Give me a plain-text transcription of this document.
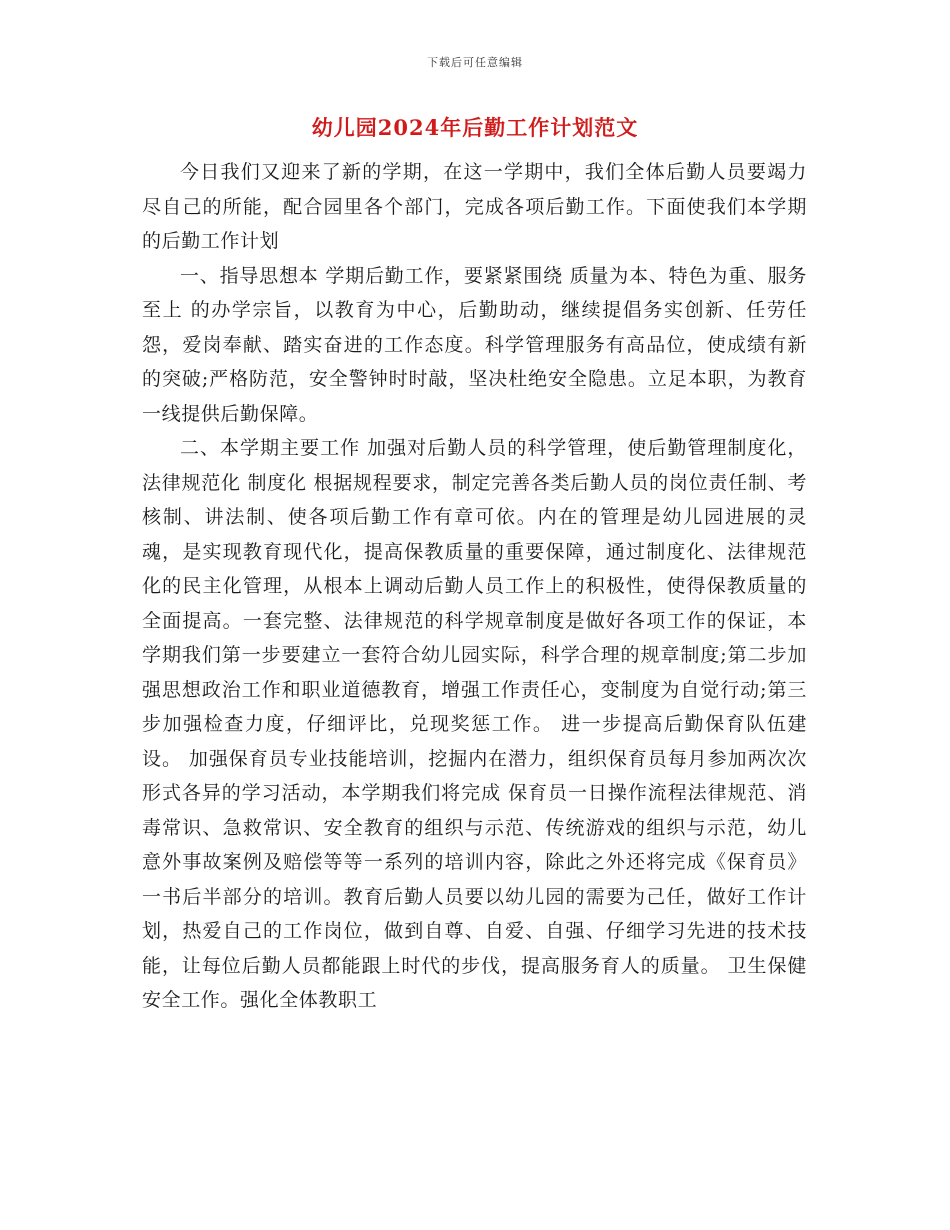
下载后可任意编辑
幼儿园2024年后勤工作计划范文

今日我们又迎来了新的学期，在这一学期中，我们全体后勤人员要竭力尽自己的所能，配合园里各个部门，完成各项后勤工作。下面使我们本学期的后勤工作计划

一、指导思想本 学期后勤工作，要紧紧围绕 质量为本、特色为重、服务至上 的办学宗旨，以教育为中心，后勤助动，继续提倡务实创新、任劳任怨，爱岗奉献、踏实奋进的工作态度。科学管理服务有高品位，使成绩有新的突破;严格防范，安全警钟时时敲，坚决杜绝安全隐患。立足本职，为教育一线提供后勤保障。

二、本学期主要工作 加强对后勤人员的科学管理，使后勤管理制度化，法律规范化 制度化 根据规程要求，制定完善各类后勤人员的岗位责任制、考核制、讲法制、使各项后勤工作有章可依。内在的管理是幼儿园进展的灵魂，是实现教育现代化，提高保教质量的重要保障，通过制度化、法律规范化的民主化管理，从根本上调动后勤人员工作上的积极性，使得保教质量的全面提高。一套完整、法律规范的科学规章制度是做好各项工作的保证，本学期我们第一步要建立一套符合幼儿园实际，科学合理的规章制度;第二步加强思想政治工作和职业道德教育，增强工作责任心，变制度为自觉行动;第三步加强检查力度，仔细评比，兑现奖惩工作。 进一步提高后勤保育队伍建设。 加强保育员专业技能培训，挖掘内在潜力，组织保育员每月参加两次次形式各异的学习活动，本学期我们将完成 保育员一日操作流程法律规范、消毒常识、急救常识、安全教育的组织与示范、传统游戏的组织与示范，幼儿意外事故案例及赔偿等等一系列的培训内容，除此之外还将完成《保育员》一书后半部分的培训。教育后勤人员要以幼儿园的需要为己任，做好工作计划，热爱自己的工作岗位，做到自尊、自爱、自强、仔细学习先进的技术技能，让每位后勤人员都能跟上时代的步伐，提高服务育人的质量。 卫生保健安全工作。强化全体教职工
